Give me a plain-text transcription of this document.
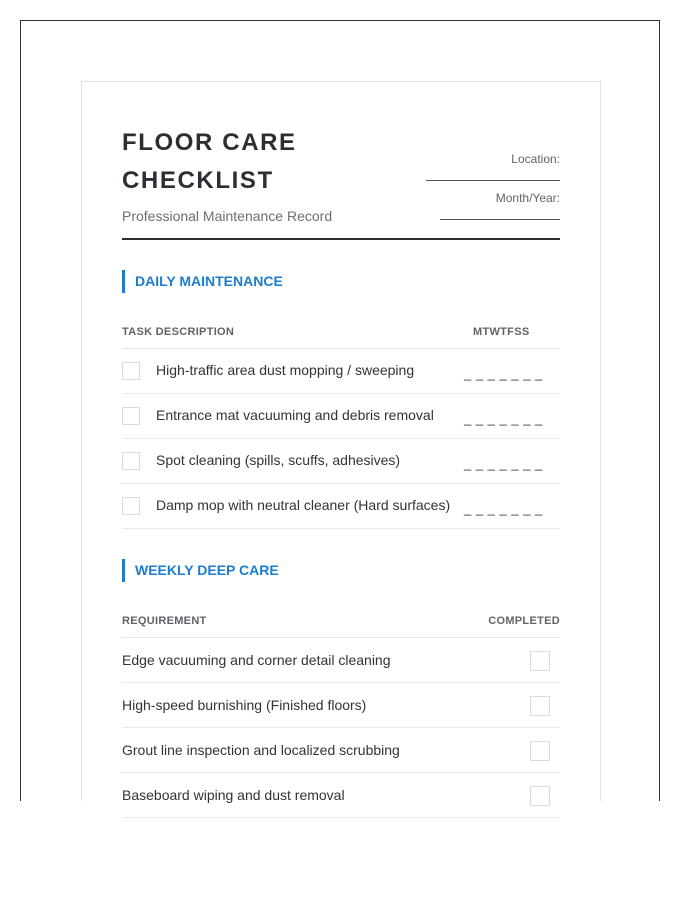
FLOOR CARE
CHECKLIST
Professional Maintenance Record
Location:
Month/Year:
DAILY MAINTENANCE
TASK DESCRIPTION	MTWTFSS
High-traffic area dust mopping / sweeping	_ _ _ _ _ _ _
Entrance mat vacuuming and debris removal _ _ _ _ _ _ _
Spot cleaning (spills, scuffs, adhesives)	_ _ _ _ _ _ _
Damp mop with neutral cleaner (Hard surfaces) _ _ _ _ _ _ _
WEEKLY DEEP CARE
REQUIREMENT	COMPLETED
Edge vacuuming and corner detail cleaning
High-speed burnishing (Finished floors)
Grout line inspection and localized scrubbing
Baseboard wiping and dust removal
